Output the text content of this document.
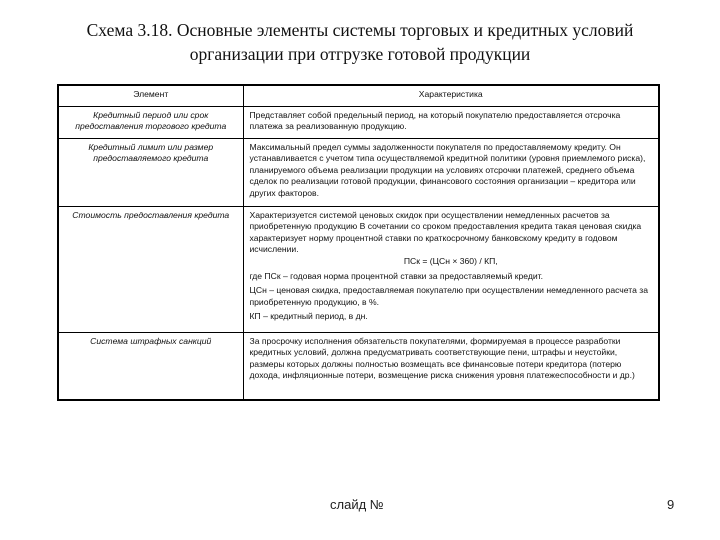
Схема 3.18. Основные элементы системы торговых и кредитных условий
организации при отгрузке готовой продукции
Элемент	Характеристика
Кредитный период или срок предоставления торгового кредита	Представляет собой предельный период, на который покупателю предоставляется отсрочка платежа за реализованную продукцию.

Кредитный лимит или размер предоставляемого кредита	Максимальный предел суммы задолженности покупателя по предоставляемому кредиту. Он устанавливается с учетом типа осуществляемой кредитной политики (уровня приемлемого риска), планируемого объема реализации продукции на условиях отсрочки платежей, среднего объема сделок по реализации готовой продукции, финансового состояния организации – кредитора или других факторов.

Стоимость предоставления кредита	Характеризуется системой ценовых скидок при осуществлении немедленных расчетов за приобретенную продукцию В сочетании со сроком предоставления кредита такая ценовая скидка характеризует норму процентной ставки по краткосрочному банковскому кредиту в годовом исчислении.

ПСк = (ЦСн × 360) / КП,

где ПСк – годовая норма процентной ставки за предоставляемый кредит.

ЦСн – ценовая скидка, предоставляемая покупателю при осуществлении немедленного расчета за приобретенную продукцию, в %.

КП – кредитный период, в дн.

Система штрафных санкций	За просрочку исполнения обязательств покупателями, формируемая в процессе разработки кредитных условий, должна предусматривать соответствующие пени, штрафы и неустойки, размеры которых должны полностью возмещать все финансовые потери кредитора (потерю дохода, инфляционные потери, возмещение риска снижения уровня платежеспособности и др.)

слайд №	9
